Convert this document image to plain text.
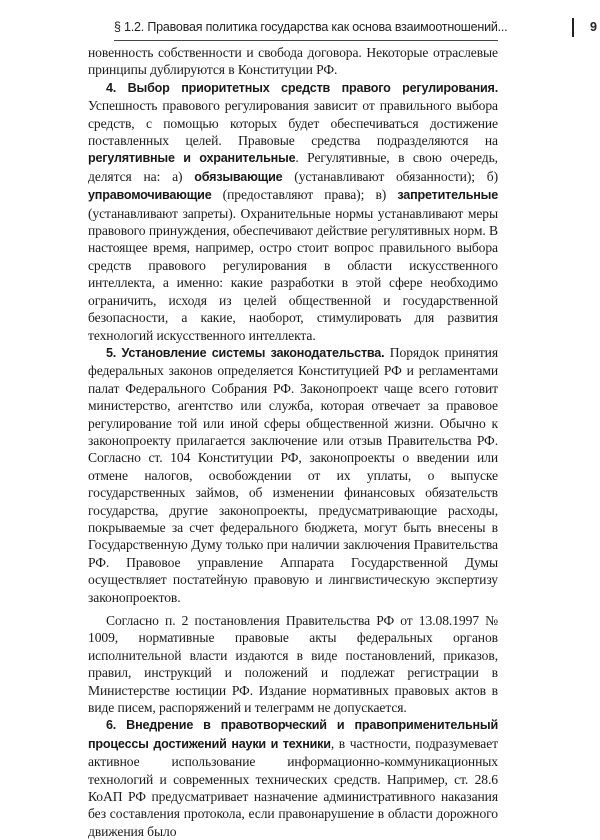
§ 1.2. Правовая политика государства как основа взаимоотношений...	9

новенность собственности и свобода договора. Некоторые отраслевые принципы дублируются в Конституции РФ.

4. Выбор приоритетных средств правого регулирования. Успешность правового регулирования зависит от правильного выбора средств, с помощью которых будет обеспечиваться достижение поставленных целей. Правовые средства подразделяются на регулятивные и охранительные. Регулятивные, в свою очередь, делятся на: а) обязывающие (устанавливают обязанности); б) управомочивающие (предоставляют права); в) запретительные (устанавливают запреты). Охранительные нормы устанавливают меры правового принуждения, обеспечивают действие регулятивных норм. В настоящее время, например, остро стоит вопрос правильного выбора средств правового регулирования в области искусственного интеллекта, а именно: какие разработки в этой сфере необходимо ограничить, исходя из целей общественной и государственной безопасности, а какие, наоборот, стимулировать для развития технологий искусственного интеллекта.

5. Установление системы законодательства. Порядок принятия федеральных законов определяется Конституцией РФ и регламентами палат Федерального Собрания РФ. Законопроект чаще всего готовит министерство, агентство или служба, которая отвечает за правовое регулирование той или иной сферы общественной жизни. Обычно к законопроекту прилагается заключение или отзыв Правительства РФ. Согласно ст. 104 Конституции РФ, законопроекты о введении или отмене налогов, освобождении от их уплаты, о выпуске государственных займов, об изменении финансовых обязательств государства, другие законопроекты, предусматривающие расходы, покрываемые за счет федерального бюджета, могут быть внесены в Государственную Думу только при наличии заключения Правительства РФ. Правовое управление Аппарата Государственной Думы осуществляет постатейную правовую и лингвистическую экспертизу законопроектов.

Согласно п. 2 постановления Правительства РФ от 13.08.1997 № 1009, нормативные правовые акты федеральных органов исполнительной власти издаются в виде постановлений, приказов, правил, инструкций и положений и подлежат регистрации в Министерстве юстиции РФ. Издание нормативных правовых актов в виде писем, распоряжений и телеграмм не допускается.

6. Внедрение в правотворческий и правоприменительный процессы достижений науки и техники, в частности, подразумевает активное использование информационно-коммуникационных технологий и современных технических средств. Например, ст. 28.6 КоАП РФ предусматривает назначение административного наказания без составления протокола, если правонарушение в области дорожного движения было
